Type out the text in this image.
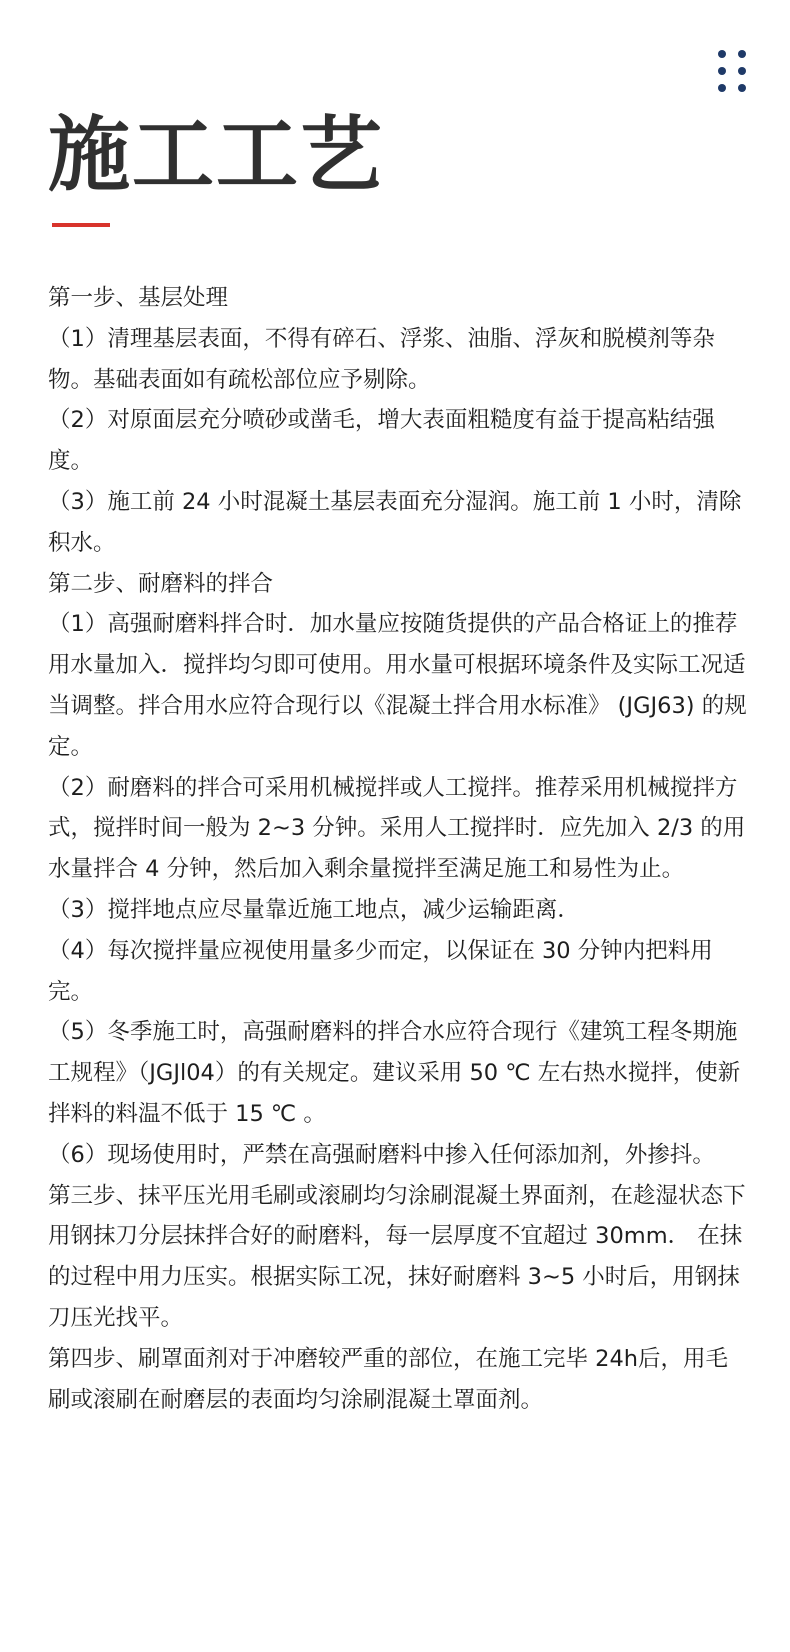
施工工艺

第一步、基层处理

（1）清理基层表面，不得有碎石、浮浆、油脂、浮灰和脱模剂等杂物。基础表面如有疏松部位应予剔除。

（2）对原面层充分喷砂或凿毛，增大表面粗糙度有益于提高粘结强度。

（3）施工前 24 小时混凝土基层表面充分湿润。施工前 1 小时，清除积水。

第二步、耐磨料的拌合

（1）高强耐磨料拌合时．加水量应按随货提供的产品合格证上的推荐用水量加入．搅拌均匀即可使用。用水量可根据环境条件及实际工况适当调整。拌合用水应符合现行以《混凝土拌合用水标准》 (JGJ63) 的规定。

（2）耐磨料的拌合可采用机械搅拌或人工搅拌。推荐采用机械搅拌方式，搅拌时间一般为 2~3 分钟。采用人工搅拌时．应先加入 2/3 的用水量拌合 4 分钟，然后加入剩余量搅拌至满足施工和易性为止。

（3）搅拌地点应尽量靠近施工地点，减少运输距离．

（4）每次搅拌量应视使用量多少而定，以保证在 30 分钟内把料用完。

（5）冬季施工时，高强耐磨料的拌合水应符合现行《建筑工程冬期施工规程》（JGJl04）的有关规定。建议采用 50 ℃ 左右热水搅拌，使新拌料的料温不低于 15 ℃ 。

（6）现场使用时，严禁在高强耐磨料中掺入任何添加剂，外掺抖。

第三步、抹平压光用毛刷或滚刷均匀涂刷混凝土界面剂，在趁湿状态下用钢抹刀分层抹拌合好的耐磨料，每一层厚度不宜超过 30mm． 在抹的过程中用力压实。根据实际工况，抹好耐磨料 3~5 小时后，用钢抹刀压光找平。

第四步、刷罩面剂对于冲磨较严重的部位，在施工完毕 24h后，用毛刷或滚刷在耐磨层的表面均匀涂刷混凝土罩面剂。
